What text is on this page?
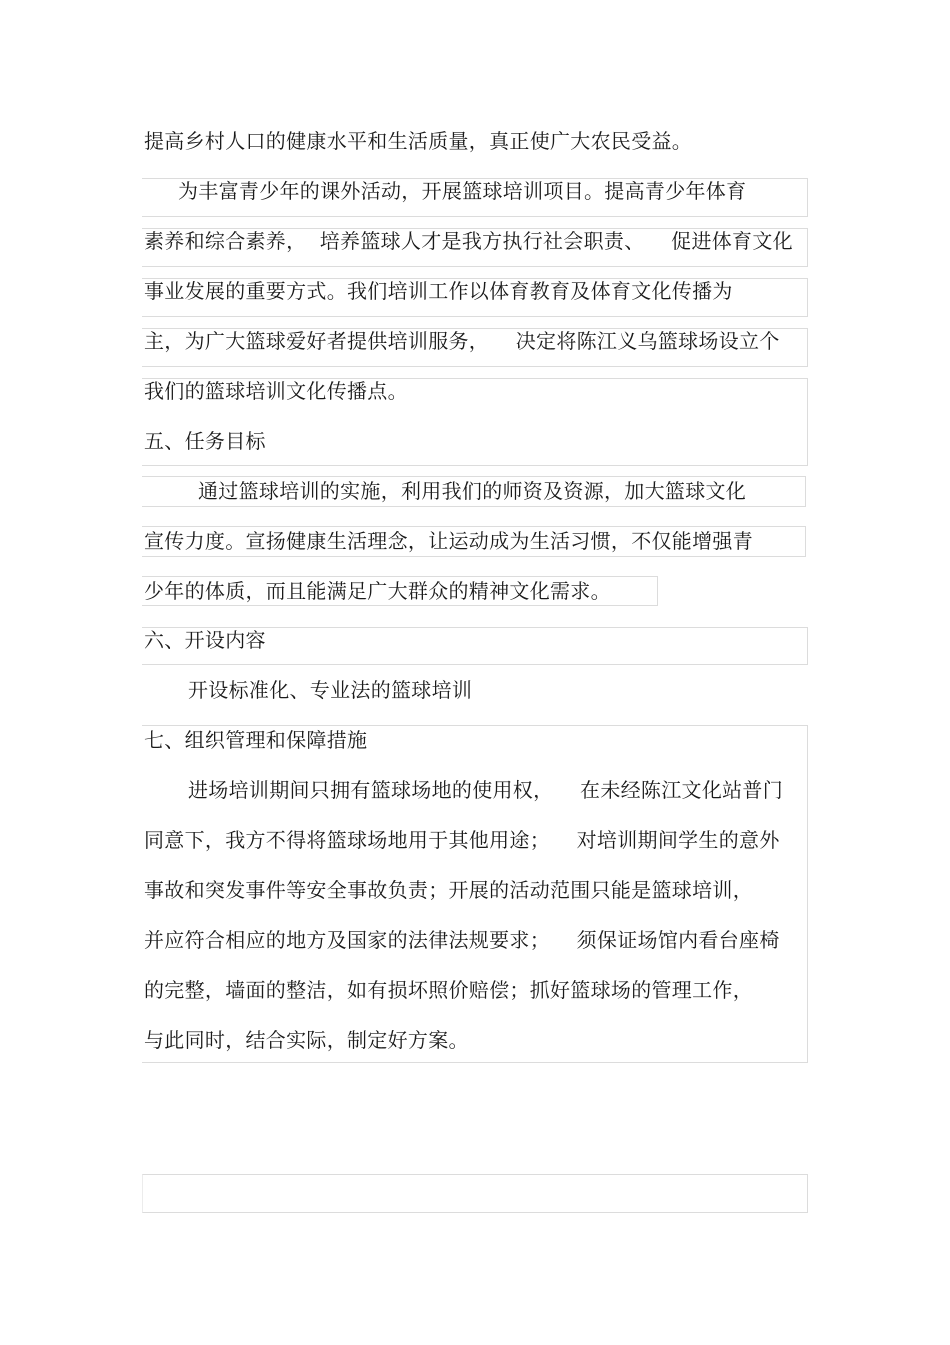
提高乡村人口的健康水平和生活质量，真正使广大农民受益。
为丰富青少年的课外活动，开展篮球培训项目。提高青少年体育
素养和综合素养，  培养篮球人才是我方执行社会职责、    促进体育文化
事业发展的重要方式。我们培训工作以体育教育及体育文化传播为
主，为广大篮球爱好者提供培训服务，    决定将陈江义乌篮球场设立个
我们的篮球培训文化传播点。
五、任务目标
通过篮球培训的实施，利用我们的师资及资源，加大篮球文化
宣传力度。宣扬健康生活理念，让运动成为生活习惯，不仅能增强青
少年的体质，而且能满足广大群众的精神文化需求。
六、开设内容
开设标准化、专业法的篮球培训
七、组织管理和保障措施
进场培训期间只拥有篮球场地的使用权，    在未经陈江文化站普门
同意下，我方不得将篮球场地用于其他用途；    对培训期间学生的意外
事故和突发事件等安全事故负责；开展的活动范围只能是篮球培训，
并应符合相应的地方及国家的法律法规要求；    须保证场馆内看台座椅
的完整，墙面的整洁，如有损坏照价赔偿；抓好篮球场的管理工作，
与此同时，结合实际，制定好方案。
